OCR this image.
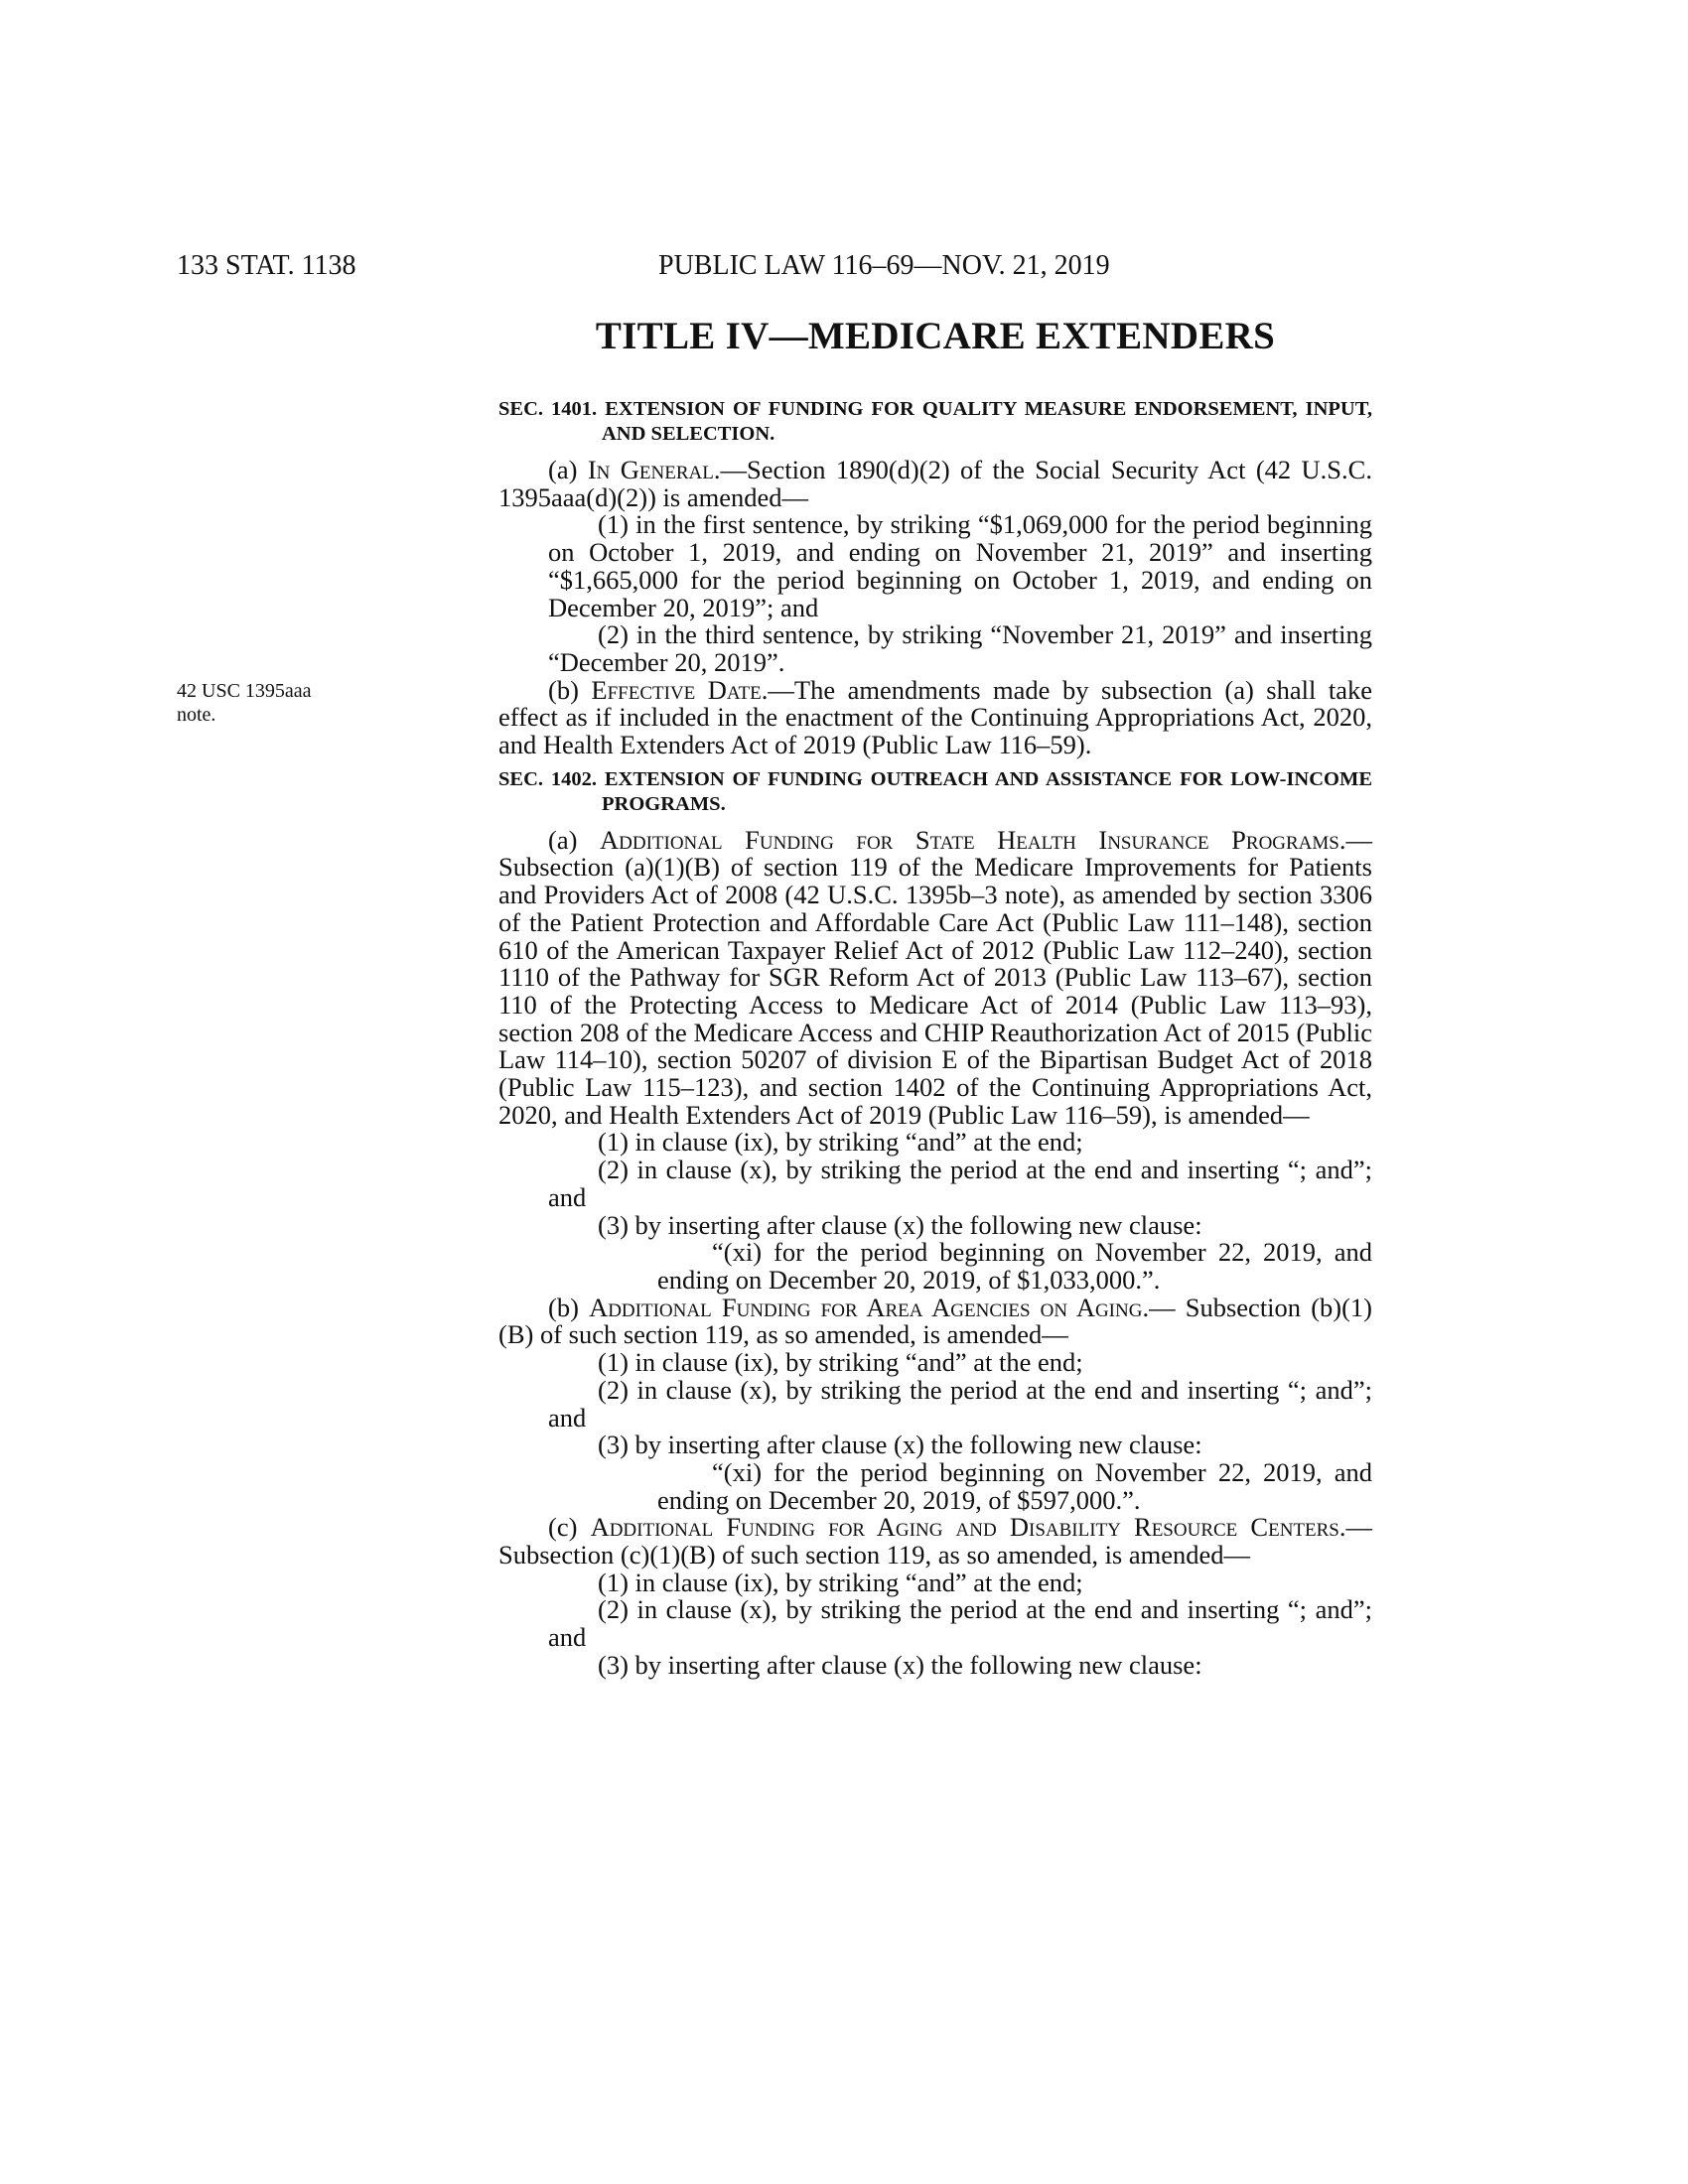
133 STAT. 1138	PUBLIC LAW 116–69—NOV. 21, 2019
TITLE IV—MEDICARE EXTENDERS
42 USC 1395aaa
note.

SEC. 1401. EXTENSION OF FUNDING FOR QUALITY MEASURE ENDORSEMENT, INPUT, AND SELECTION.

(a) In General.—Section 1890(d)(2) of the Social Security Act (42 U.S.C. 1395aaa(d)(2)) is amended—

(1) in the first sentence, by striking “$1,069,000 for the period beginning on October 1, 2019, and ending on November 21, 2019” and inserting “$1,665,000 for the period beginning on October 1, 2019, and ending on December 20, 2019”; and

(2) in the third sentence, by striking “November 21, 2019” and inserting “December 20, 2019”.

(b) Effective Date.—The amendments made by subsection (a) shall take effect as if included in the enactment of the Continuing Appropriations Act, 2020, and Health Extenders Act of 2019 (Public Law 116–59).

SEC. 1402. EXTENSION OF FUNDING OUTREACH AND ASSISTANCE FOR LOW-INCOME PROGRAMS.

(a) Additional Funding for State Health Insurance Programs.—Subsection (a)(1)(B) of section 119 of the Medicare Improvements for Patients and Providers Act of 2008 (42 U.S.C. 1395b–3 note), as amended by section 3306 of the Patient Protection and Affordable Care Act (Public Law 111–148), section 610 of the American Taxpayer Relief Act of 2012 (Public Law 112–240), section 1110 of the Pathway for SGR Reform Act of 2013 (Public Law 113–67), section 110 of the Protecting Access to Medicare Act of 2014 (Public Law 113–93), section 208 of the Medicare Access and CHIP Reauthorization Act of 2015 (Public Law 114–10), section 50207 of division E of the Bipartisan Budget Act of 2018 (Public Law 115–123), and section 1402 of the Continuing Appropriations Act, 2020, and Health Extenders Act of 2019 (Public Law 116–59), is amended—

(1) in clause (ix), by striking “and” at the end;

(2) in clause (x), by striking the period at the end and inserting “; and”; and

(3) by inserting after clause (x) the following new clause:

“(xi) for the period beginning on November 22, 2019, and ending on December 20, 2019, of $1,033,000.”.

(b) Additional Funding for Area Agencies on Aging.— Subsection (b)(1)(B) of such section 119, as so amended, is amended—

(1) in clause (ix), by striking “and” at the end;

(2) in clause (x), by striking the period at the end and inserting “; and”; and

(3) by inserting after clause (x) the following new clause:

“(xi) for the period beginning on November 22, 2019, and ending on December 20, 2019, of $597,000.”.

(c) Additional Funding for Aging and Disability Resource Centers.—Subsection (c)(1)(B) of such section 119, as so amended, is amended—

(1) in clause (ix), by striking “and” at the end;

(2) in clause (x), by striking the period at the end and inserting “; and”; and

(3) by inserting after clause (x) the following new clause:
